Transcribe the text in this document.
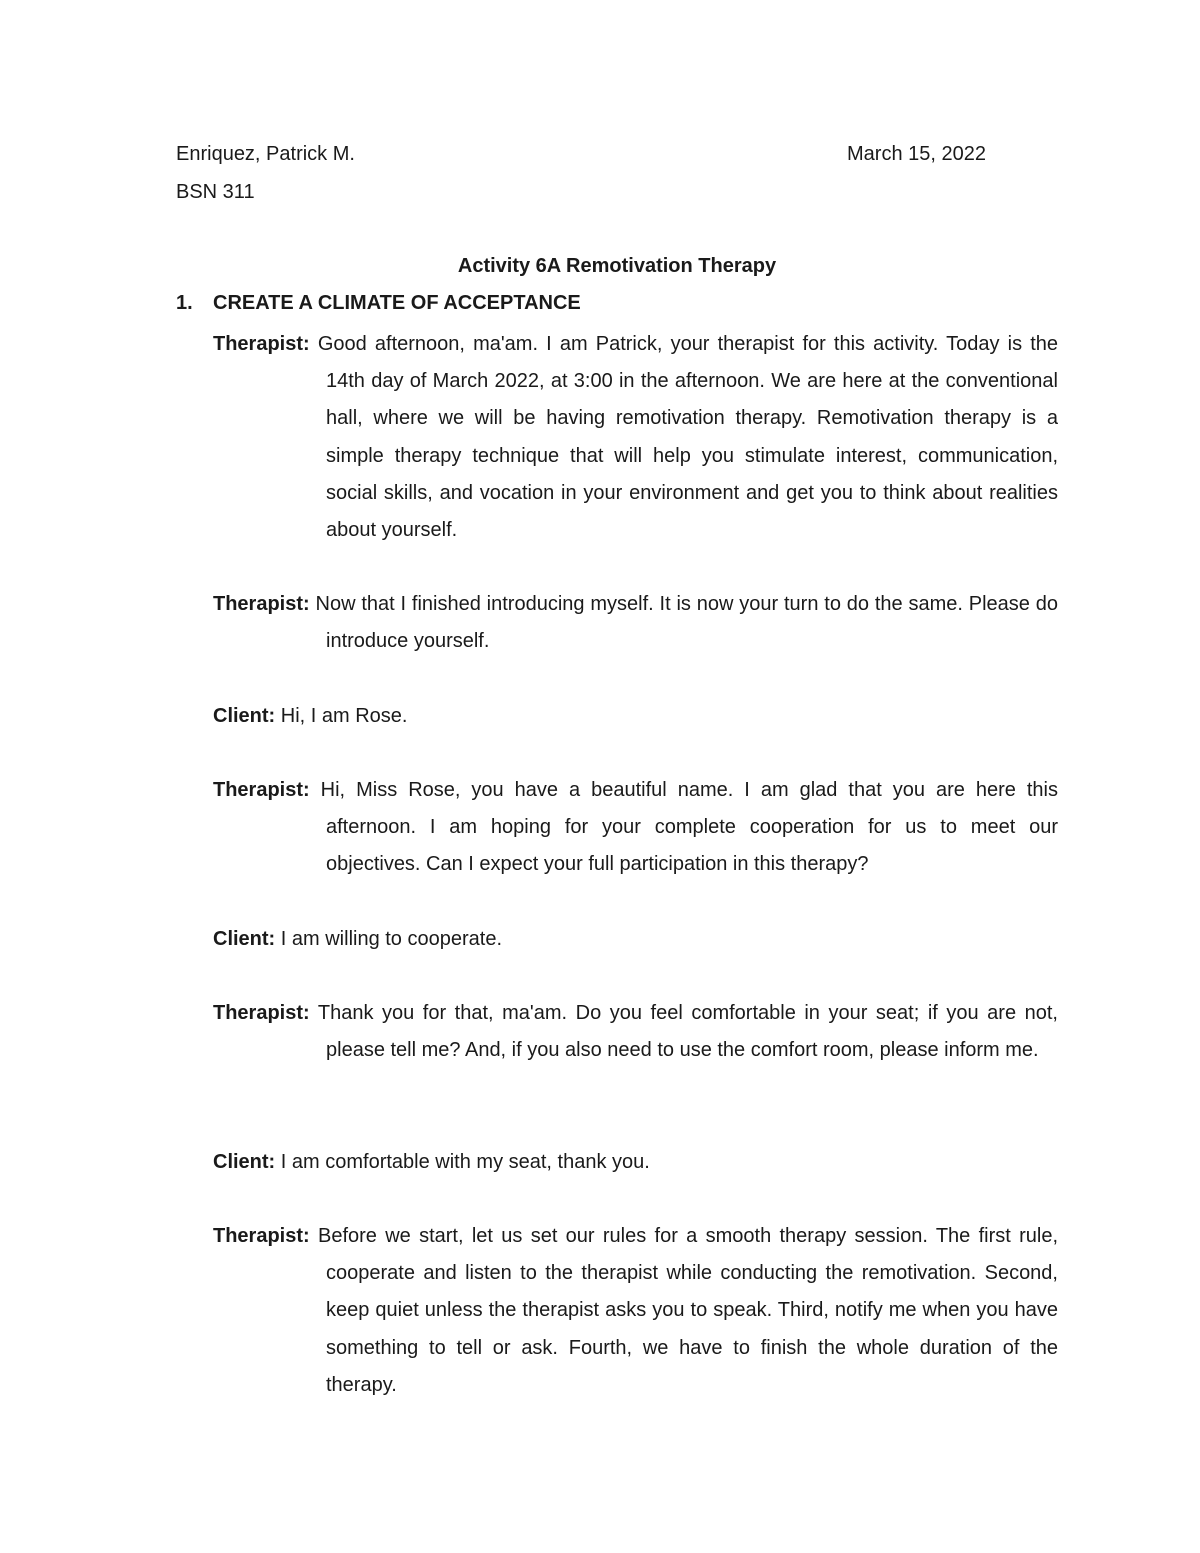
Enriquez, Patrick M.	March 15, 2022
BSN 311
Activity 6A Remotivation Therapy
1. CREATE A CLIMATE OF ACCEPTANCE
Therapist: Good afternoon, ma'am. I am Patrick, your therapist for this activity. Today is the 14th day of March 2022, at 3:00 in the afternoon. We are here at the conventional hall, where we will be having remotivation therapy. Remotivation therapy is a simple therapy technique that will help you stimulate interest, communication, social skills, and vocation in your environment and get you to think about realities about yourself.
Therapist: Now that I finished introducing myself. It is now your turn to do the same. Please do introduce yourself.
Client: Hi, I am Rose.
Therapist: Hi, Miss Rose, you have a beautiful name. I am glad that you are here this afternoon. I am hoping for your complete cooperation for us to meet our objectives. Can I expect your full participation in this therapy?
Client: I am willing to cooperate.
Therapist: Thank you for that, ma'am. Do you feel comfortable in your seat; if you are not, please tell me? And, if you also need to use the comfort room, please inform me.
Client: I am comfortable with my seat, thank you.
Therapist: Before we start, let us set our rules for a smooth therapy session. The first rule, cooperate and listen to the therapist while conducting the remotivation. Second, keep quiet unless the therapist asks you to speak. Third, notify me when you have something to tell or ask. Fourth, we have to finish the whole duration of the therapy.
